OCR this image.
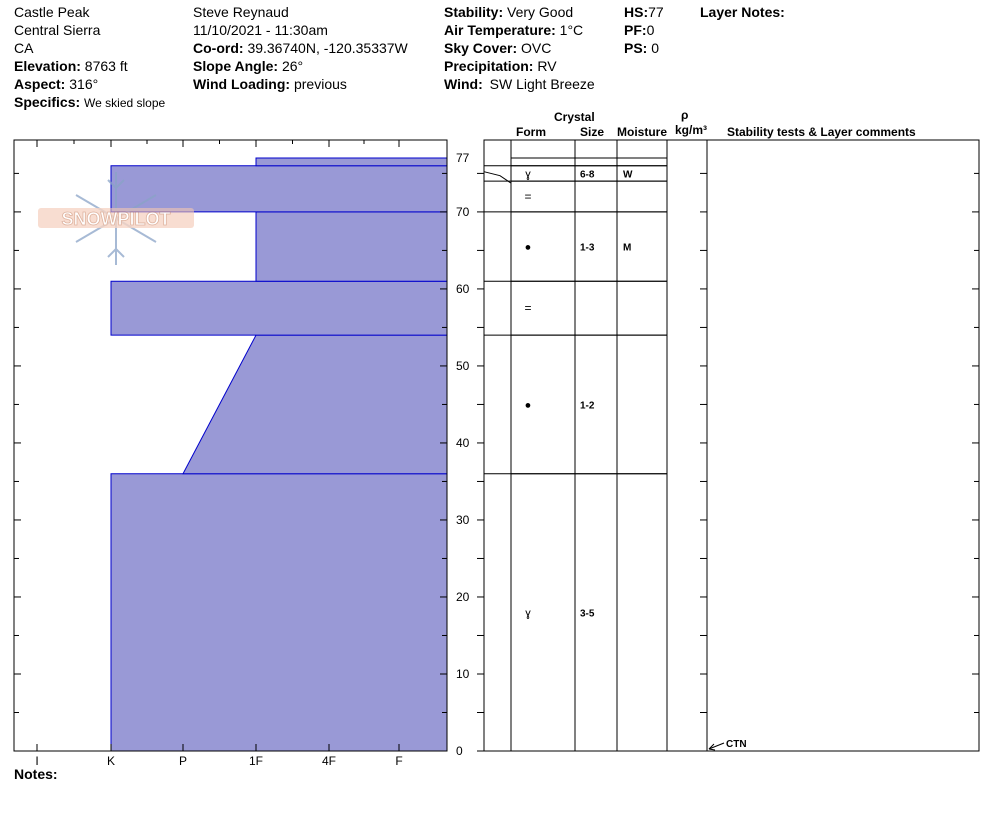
Castle Peak
Central Sierra
CA
Elevation: 8763 ft
Aspect: 316°
Specifics: We skied slope
Steve Reynaud
11/10/2021 - 11:30am
Co-ord: 39.36740N, -120.35337W
Slope Angle: 26°
Wind Loading: previous
Stability: Very Good
Air Temperature: 1°C
Sky Cover: OVC
Precipitation: RV
Wind: SW Light Breeze
HS:77
PF:0
PS: 0
Layer Notes:
Crystal
Form	Size Moisture
ρ
kg/m³ Stability tests & Layer comments
Notes:
SNOWPILOT
0
10
20
30
40
50
60
70
77
I	K	P	1F	4F	F
ɣ	6-8	W
=
●	1-3	M
=
●	1-2
ɣ	3-5
CTN
